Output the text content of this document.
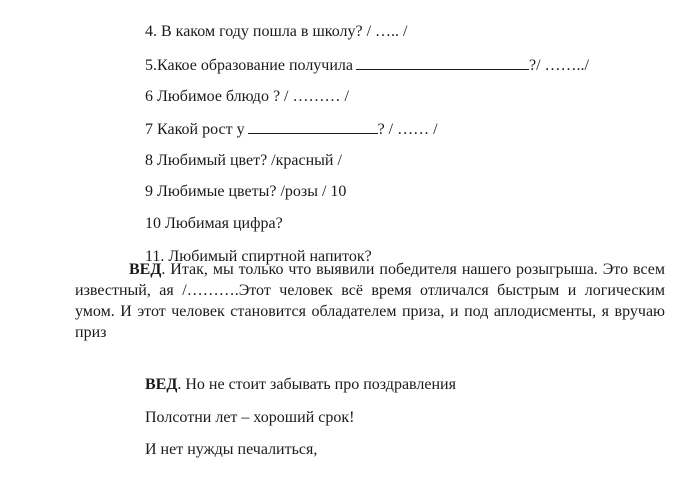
4. В каком году пошла в школу? / ….. /

5.Какое образование получила	?/ ……../

6 Любимое блюдо ? / ……… /

7 Какой рост у	? / …… /

8 Любимый цвет? /красный /

9 Любимые цветы? /розы / 10

10 Любимая цифра?

11. Любимый спиртной напиток?

ВЕД. Итак, мы только что выявили победителя нашего розыгрыша. Это всем известный, ая /……….Этот человек всё время отличался быстрым и логическим умом. И этот человек становится обладателем приза, и под аплодисменты, я вручаю приз

ВЕД. Но не стоит забывать про поздравления

Полсотни лет – хороший срок!

И нет нужды печалиться,
